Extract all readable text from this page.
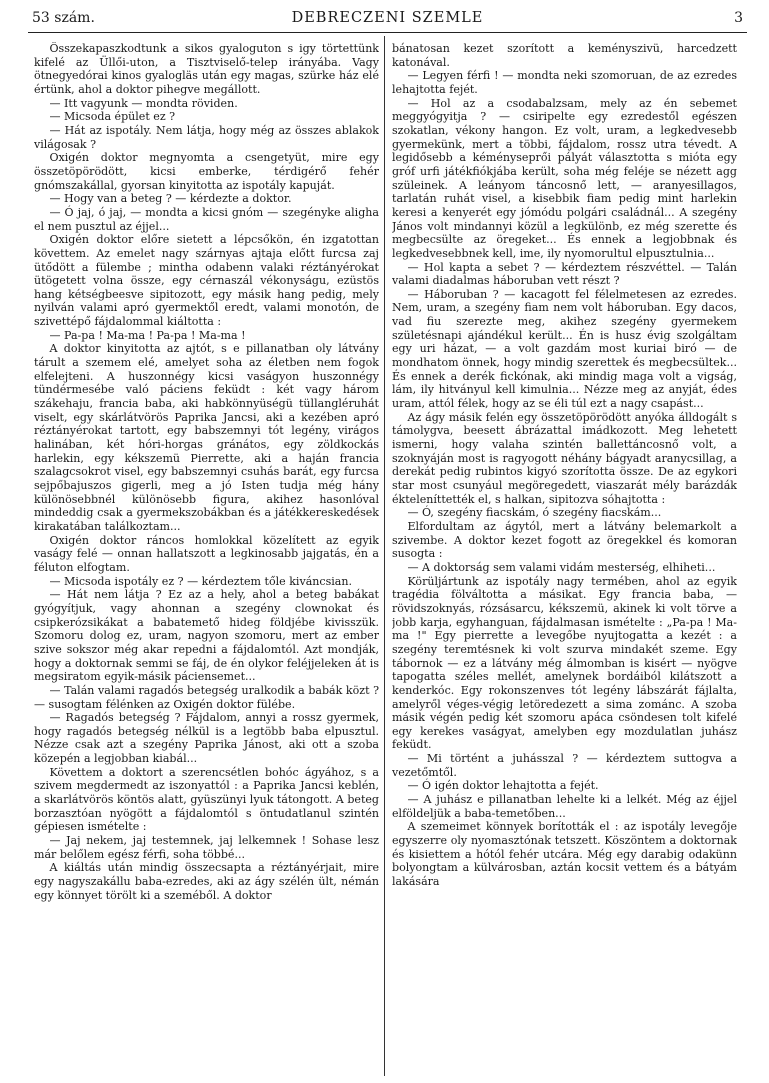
53 szám.	DEBRECZENI SZEMLE	3

Összekapaszkodtunk a sikos gyaloguton s igy törtettünk kifelé az Üllői-uton, a Tisztviselő-telep irányába. Vagy ötnegyedórai kinos gyalogläs után egy magas, szürke ház elé értünk, ahol a doktor pihegve megállott.

— Itt vagyunk — mondta röviden.

— Micsoda épület ez ?

— Hát az ispotály. Nem látja, hogy még az összes ablakok világosak ?

Oxigén doktor megnyomta a csengetyüt, mire egy összetöpörödött, kicsi emberke, térdigérő fehér gnómszakállal, gyorsan kinyitotta az ispotály kapuját.

— Hogy van a beteg ? — kérdezte a doktor.

— Ó jaj, ó jaj, — mondta a kicsi gnóm — szegényke aligha el nem pusztul az éjjel...

Oxigén doktor előre sietett a lépcsőkön, én izgatottan követtem. Az emelet nagy szárnyas ajtaja előtt furcsa zaj ütődött a fülembe ; mintha odabenn valaki réztányérokat ütögetett volna össze, egy cérnaszál vékonyságu, ezüstös hang kétségbeesve sipitozott, egy másik hang pedig, mely nyilván valami apró gyermektől eredt, valami monotón, de szivettépő fájdalommal kiáltotta :

— Pa-pa ! Ma-ma ! Pa-pa ! Ma-ma !

A doktor kinyitotta az ajtót, s e pillanatban oly látvány tárult a szemem elé, amelyet soha az életben nem fogok elfelejteni. A huszonnégy kicsi vaságyon huszonnégy tündérmesébe való páciens feküdt : két vagy három szákehaju, francia baba, aki habkönnyüségü tüllangléruhát viselt, egy skárlátvörös Paprika Jancsi, aki a kezében apró réztányérokat tartott, egy babszemnyi tót legény, virágos halinában, két hóri-horgas gránátos, egy zöldkockás harlekin, egy kékszemü Pierrette, aki a haján francia szalagcsokrot visel, egy babszemnyi csuhás barát, egy furcsa sejpőbajuszos gigerli, meg a jó Isten tudja még hány különösebbnél különösebb figura, akihez hasonlóval mindeddig csak a gyermekszobákban és a játékkereskedések kirakatában találkoztam...

Oxigén doktor ráncos homlokkal közelített az egyik vaságy felé — onnan hallatszott a legkinosabb jajgatás, én a féluton elfogtam.

— Micsoda ispotály ez ? — kérdeztem tőle kiváncsian.

— Hát nem látja ? Ez az a hely, ahol a beteg babákat gyógyítjuk, vagy ahonnan a szegény clownokat és csipkerózsikákat a babatemető hideg földjébe kivisszük. Szomoru dolog ez, uram, nagyon szomoru, mert az ember szive sokszor még akar repedni a fájdalomtól. Azt mondják, hogy a doktornak semmi se fáj, de én olykor feléjjeleken át is megsiratom egyik-másik páciensemet...

— Talán valami ragadós betegség uralkodik a babák közt ? — susogtam félénken az Oxigén doktor fülébe.

— Ragadós betegség ? Fájdalom, annyi a rossz gyermek, hogy ragadós betegség nélkül is a legtöbb baba elpusztul. Nézze csak azt a szegény Paprika Jánost, aki ott a szoba közepén a legjobban kiabál...

Követtem a doktort a szerencsétlen bohóc ágyához, s a szivem megdermedt az iszonyattól : a Paprika Jancsi keblén, a skarlátvörös köntös alatt, gyüszünyi lyuk tátongott. A beteg borzasztóan nyögött a fájdalomtól s öntudatlanul szintén gépiesen ismételte :

— Jaj nekem, jaj testemnek, jaj lelkemnek ! Sohase lesz már belőlem egész férfi, soha többé...

A kiáltás után mindig összecsapta a réztányérjait, mire egy nagyszakállu baba-ezredes, aki az ágy szélén ült, némán egy könnyet törölt ki a szeméből. A doktor

bánatosan kezet szorított a keményszivü, harcedzett katonával.

— Legyen férfi ! — mondta neki szomoruan, de az ezredes lehajtotta fejét.

— Hol az a csodabalzsam, mely az én sebemet meggyógyitja ? — csiripelte egy ezredestől egészen szokatlan, vékony hangon. Ez volt, uram, a legkedvesebb gyermekünk, mert a többi, fájdalom, rossz utra tévedt. A legidősebb a kéményseprői pályát választotta s mióta egy gróf urfi játékfiókjába került, soha még feléje se nézett agg szüleinek. A leányom táncosnő lett, — aranyesillagos, tarlatán ruhát visel, a kisebbik fiam pedig mint harlekin keresi a kenyerét egy jómódu polgári családnál... A szegény János volt mindannyi közül a legkülönb, ez még szerette és megbecsülte az öregeket... És ennek a legjobbnak és legkedvesebbnek kell, ime, ily nyomorultul elpusztulnia...

— Hol kapta a sebet ? — kérdeztem részvéttel. — Talán valami diadalmas háboruban vett részt ?

— Háboruban ? — kacagott fel félelmetesen az ezredes. Nem, uram, a szegény fiam nem volt háboruban. Egy dacos, vad fiu szerezte meg, akihez szegény gyermekem születésnapi ajándékul került... Én is husz évig szolgáltam egy uri házat, — a volt gazdám most kuriai biró — de mondhatom önnek, hogy mindig szerettek és megbecsültek... És ennek a derék fickónak, aki mindig maga volt a vigság, lám, ily hitványul kell kimulnia... Nézze meg az anyját, édes uram, attól félek, hogy az se éli túl ezt a nagy csapást...

Az ágy másik felén egy összetöpörödött anyóka álldogált s támolygva, beesett ábrázattal imádkozott. Meg lehetett ismerni, hogy valaha szintén ballettáncosnő volt, a szoknyáján most is ragyogott néhány bágyadt aranycsillag, a derekát pedig rubintos kigyó szorította össze. De az egykori star most csunyául megöregedett, viaszarát mély barázdák ékteleníttették el, s halkan, sipitozva sóhajtotta :

— Ó, szegény fiacskám, ó szegény fiacskám...

Elfordultam az ágytól, mert a látvány belemarkolt a szivembe. A doktor kezet fogott az öregekkel és komoran susogta :

— A doktorság sem valami vidám mesterség, elhiheti...

Körüljártunk az ispotály nagy termében, ahol az egyik tragédia fölváltotta a másikat. Egy francia baba, — rövidszoknyás, rózsásarcu, kékszemü, akinek ki volt törve a jobb karja, egyhanguan, fájdalmasan ismételte : „Pa-pa ! Ma-ma !" Egy pierrette a levegőbe nyujtogatta a kezét : a szegény teremtésnek ki volt szurva mindakét szeme. Egy tábornok — ez a látvány még álmomban is kisért — nyögve tapogatta széles mellét, amelynek bordáiból kilátszott a kenderkóc. Egy rokonszenves tót legény lábszárát fájlalta, amelyről véges-végig letöredezett a sima zománc. A szoba másik végén pedig két szomoru apáca csöndesen tolt kifelé egy kerekes vaságyat, amelyben egy mozdulatlan juhász feküdt.

— Mi történt a juhásszal ? — kérdeztem suttogva a vezetőmtől.

— Ó igén doktor lehajtotta a fejét.

— A juhász e pillanatban lehelte ki a lelkét. Még az éjjel elföldeljük a baba-temetőben...

A szemeimet könnyek borították el : az ispotály levegője egyszerre oly nyomasztónak tetszett. Köszöntem a doktornak és kisiettem a hótól fehér utcára. Még egy darabig odakünn bolyongtam a külvárosban, aztán kocsit vettem és a bátyám lakására
